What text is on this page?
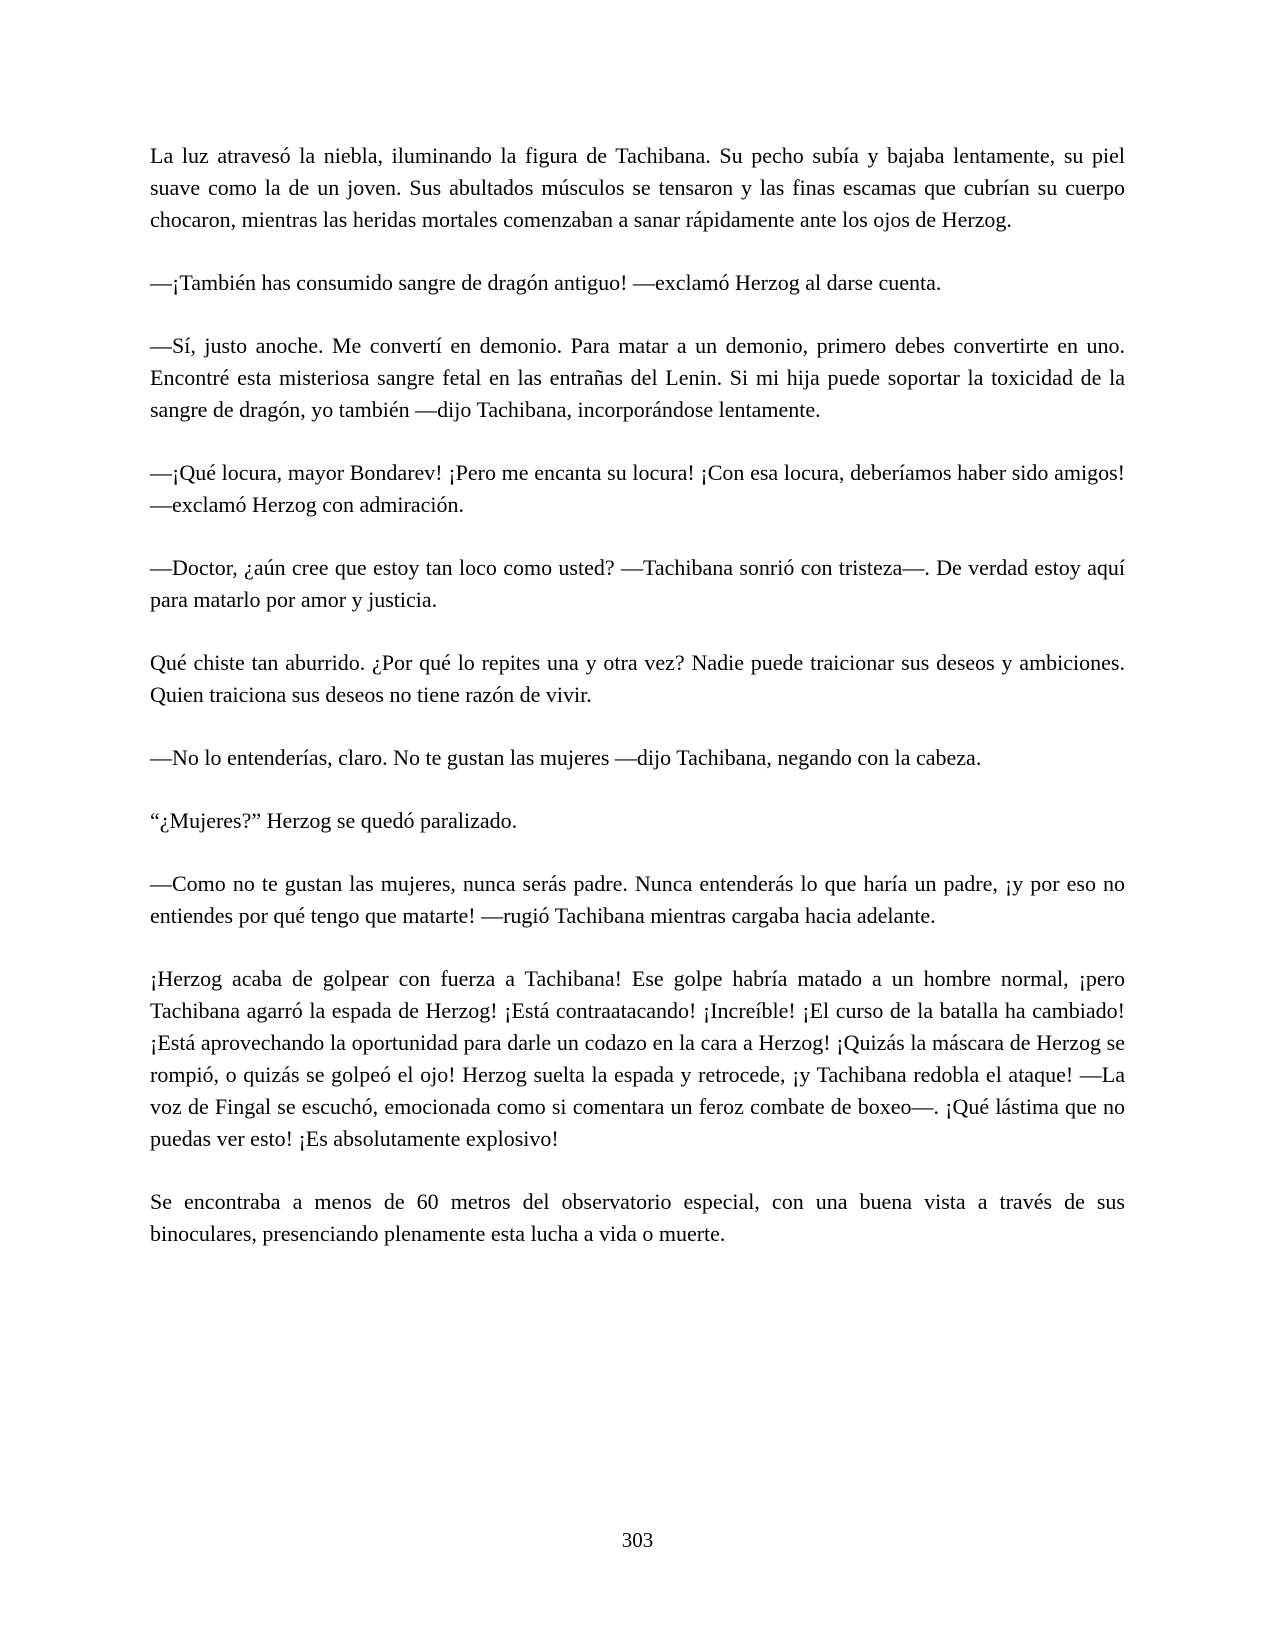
La luz atravesó la niebla, iluminando la figura de Tachibana. Su pecho subía y bajaba lentamente, su piel suave como la de un joven. Sus abultados músculos se tensaron y las finas escamas que cubrían su cuerpo chocaron, mientras las heridas mortales comenzaban a sanar rápidamente ante los ojos de Herzog.

—¡También has consumido sangre de dragón antiguo! —exclamó Herzog al darse cuenta.

—Sí, justo anoche. Me convertí en demonio. Para matar a un demonio, primero debes convertirte en uno. Encontré esta misteriosa sangre fetal en las entrañas del Lenin. Si mi hija puede soportar la toxicidad de la sangre de dragón, yo también —dijo Tachibana, incorporándose lentamente.

—¡Qué locura, mayor Bondarev! ¡Pero me encanta su locura! ¡Con esa locura, deberíamos haber sido amigos! —exclamó Herzog con admiración.

—Doctor, ¿aún cree que estoy tan loco como usted? —Tachibana sonrió con tristeza—. De verdad estoy aquí para matarlo por amor y justicia.

Qué chiste tan aburrido. ¿Por qué lo repites una y otra vez? Nadie puede traicionar sus deseos y ambiciones. Quien traiciona sus deseos no tiene razón de vivir.

—No lo entenderías, claro. No te gustan las mujeres —dijo Tachibana, negando con la cabeza.

“¿Mujeres?” Herzog se quedó paralizado.

—Como no te gustan las mujeres, nunca serás padre. Nunca entenderás lo que haría un padre, ¡y por eso no entiendes por qué tengo que matarte! —rugió Tachibana mientras cargaba hacia adelante.

¡Herzog acaba de golpear con fuerza a Tachibana! Ese golpe habría matado a un hombre normal, ¡pero Tachibana agarró la espada de Herzog! ¡Está contraatacando! ¡Increíble! ¡El curso de la batalla ha cambiado! ¡Está aprovechando la oportunidad para darle un codazo en la cara a Herzog! ¡Quizás la máscara de Herzog se rompió, o quizás se golpeó el ojo! Herzog suelta la espada y retrocede, ¡y Tachibana redobla el ataque! —La voz de Fingal se escuchó, emocionada como si comentara un feroz combate de boxeo—. ¡Qué lástima que no puedas ver esto! ¡Es absolutamente explosivo!

Se encontraba a menos de 60 metros del observatorio especial, con una buena vista a través de sus binoculares, presenciando plenamente esta lucha a vida o muerte.

303
